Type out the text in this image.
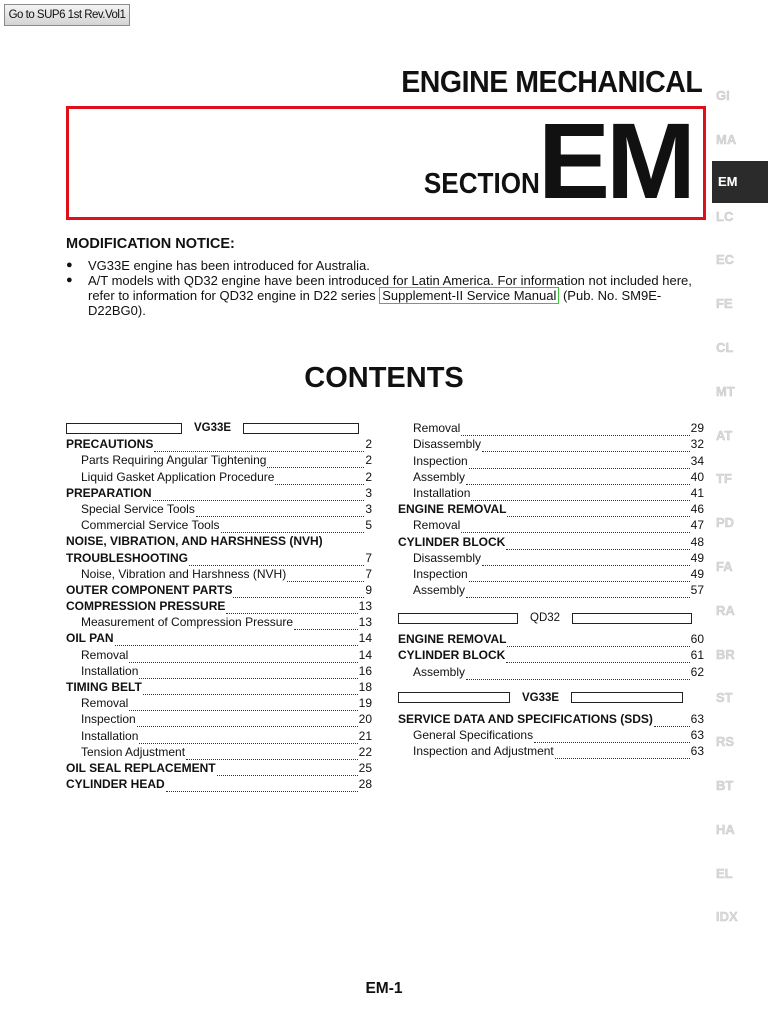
Go to SUP6 1st Rev.Vol1
ENGINE MECHANICAL
SECTION
EM
MODIFICATION NOTICE:
● VG33E engine has been introduced for Australia.
● A/T models with QD32 engine have been introduced for Latin America. For information not included here, refer to information for QD32 engine in D22 series Supplement-II Service Manual (Pub. No. SM9E-D22BG0).
CONTENTS
VG33E
PRECAUTIONS	2
Parts Requiring Angular Tightening	2
Liquid Gasket Application Procedure	2
PREPARATION	3
Special Service Tools	3
Commercial Service Tools	5
NOISE, VIBRATION, AND HARSHNESS (NVH)
TROUBLESHOOTING	7
Noise, Vibration and Harshness (NVH)	7
OUTER COMPONENT PARTS	9
COMPRESSION PRESSURE	13
Measurement of Compression Pressure	13
OIL PAN	14
Removal	14
Installation	16
TIMING BELT	18
Removal	19
Inspection	20
Installation	21
Tension Adjustment	22
OIL SEAL REPLACEMENT	25
CYLINDER HEAD	28
Removal	29
Disassembly	32
Inspection	34
Assembly	40
Installation	41
ENGINE REMOVAL	46
Removal	47
CYLINDER BLOCK	48
Disassembly	49
Inspection	49
Assembly	57
QD32
ENGINE REMOVAL	60
CYLINDER BLOCK	61
Assembly	62
VG33E
SERVICE DATA AND SPECIFICATIONS (SDS)	63
General Specifications	63
Inspection and Adjustment	63
GI
MA
EM
LC
EC
FE
CL
MT
AT
TF
PD
FA
RA
BR
ST
RS
BT
HA
EL
IDX
EM-1
